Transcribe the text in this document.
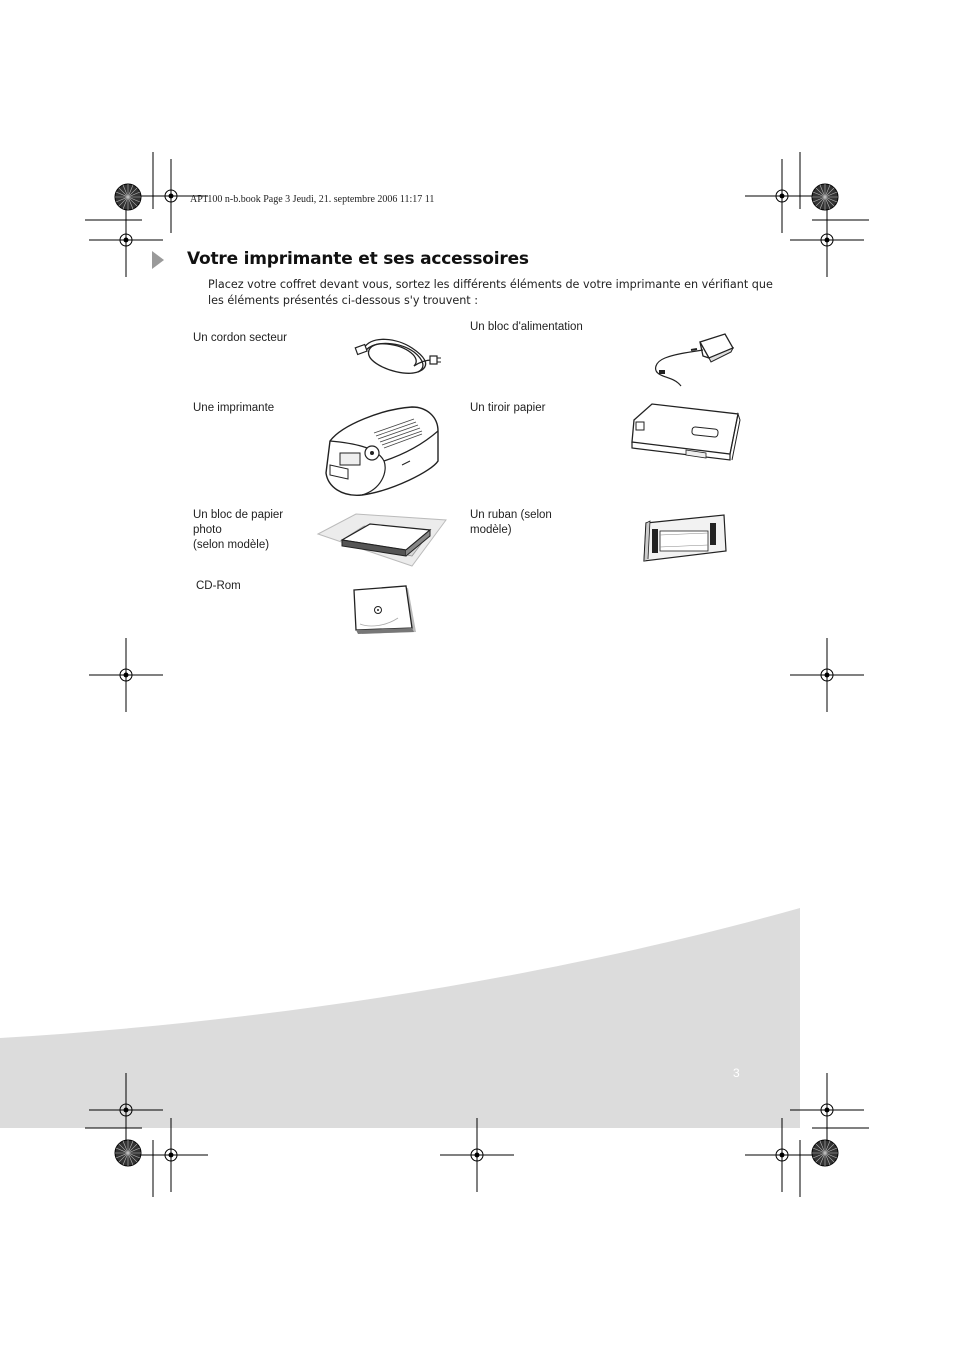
AP1100 n-b.book Page 3 Jeudi, 21. septembre 2006 11:17 11
Votre imprimante et ses accessoires
Placez votre coffret devant vous, sortez les différents éléments de votre imprimante en vérifiant que les éléments présentés ci-dessous s'y trouvent :
Un cordon secteur
Un bloc d'alimentation
Une imprimante	Un tiroir papier
Un bloc de papier
photo
(selon modèle)
Un ruban (selon
modèle)
CD-Rom
3
